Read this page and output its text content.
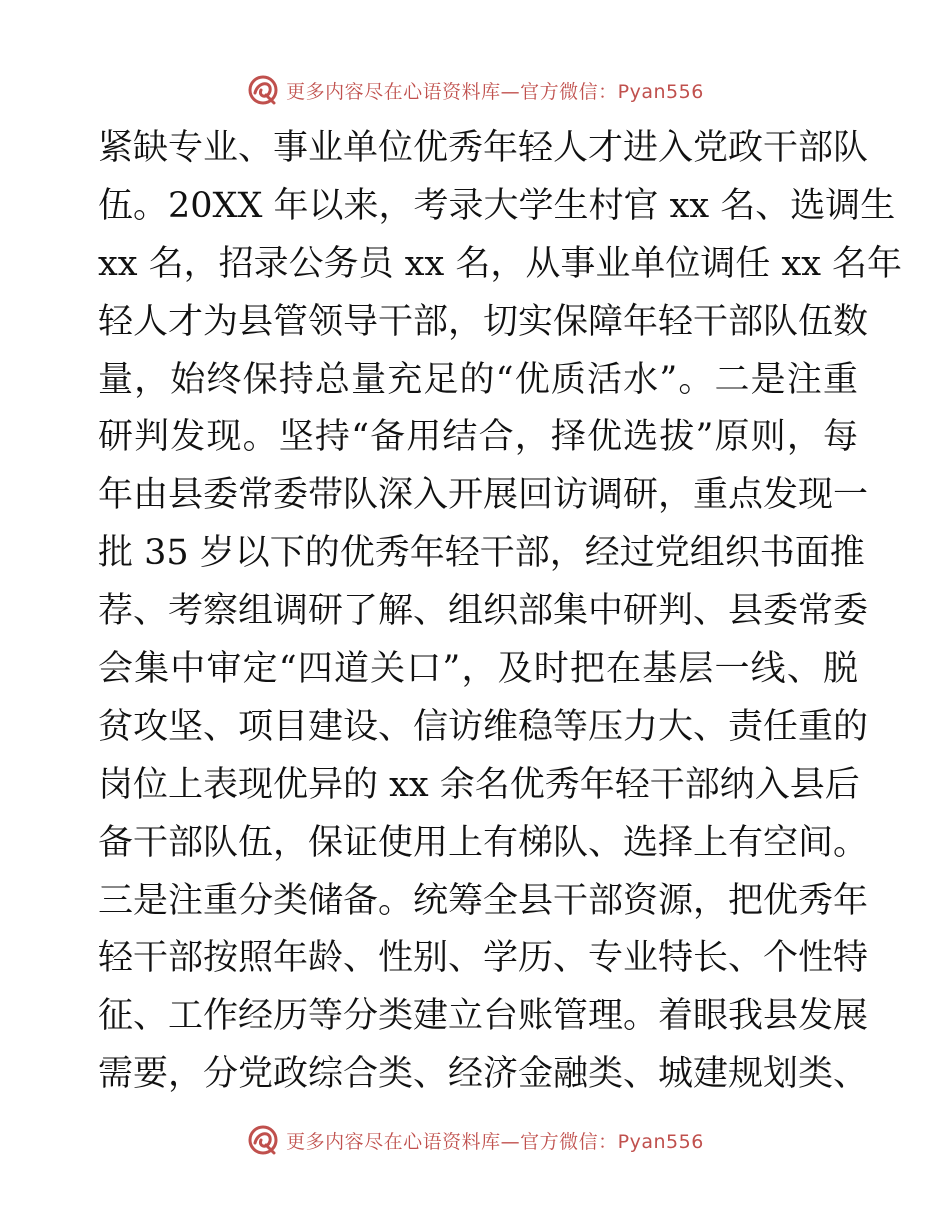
更多内容尽在心语资料库—官方微信：Pyan556
紧缺专业、事业单位优秀年轻人才进入党政干部队
伍。20XX 年以来，考录大学生村官 xx 名、选调生
xx 名，招录公务员 xx 名，从事业单位调任 xx 名年
轻人才为县管领导干部，切实保障年轻干部队伍数
量，始终保持总量充足的“优质活水”。二是注重
研判发现。坚持“备用结合，择优选拔”原则，每
年由县委常委带队深入开展回访调研，重点发现一
批 35 岁以下的优秀年轻干部，经过党组织书面推
荐、考察组调研了解、组织部集中研判、县委常委
会集中审定“四道关口”，及时把在基层一线、脱
贫攻坚、项目建设、信访维稳等压力大、责任重的
岗位上表现优异的 xx 余名优秀年轻干部纳入县后
备干部队伍，保证使用上有梯队、选择上有空间。
三是注重分类储备。统筹全县干部资源，把优秀年
轻干部按照年龄、性别、学历、专业特长、个性特
征、工作经历等分类建立台账管理。着眼我县发展
需要，分党政综合类、经济金融类、城建规划类、
更多内容尽在心语资料库—官方微信：Pyan556
